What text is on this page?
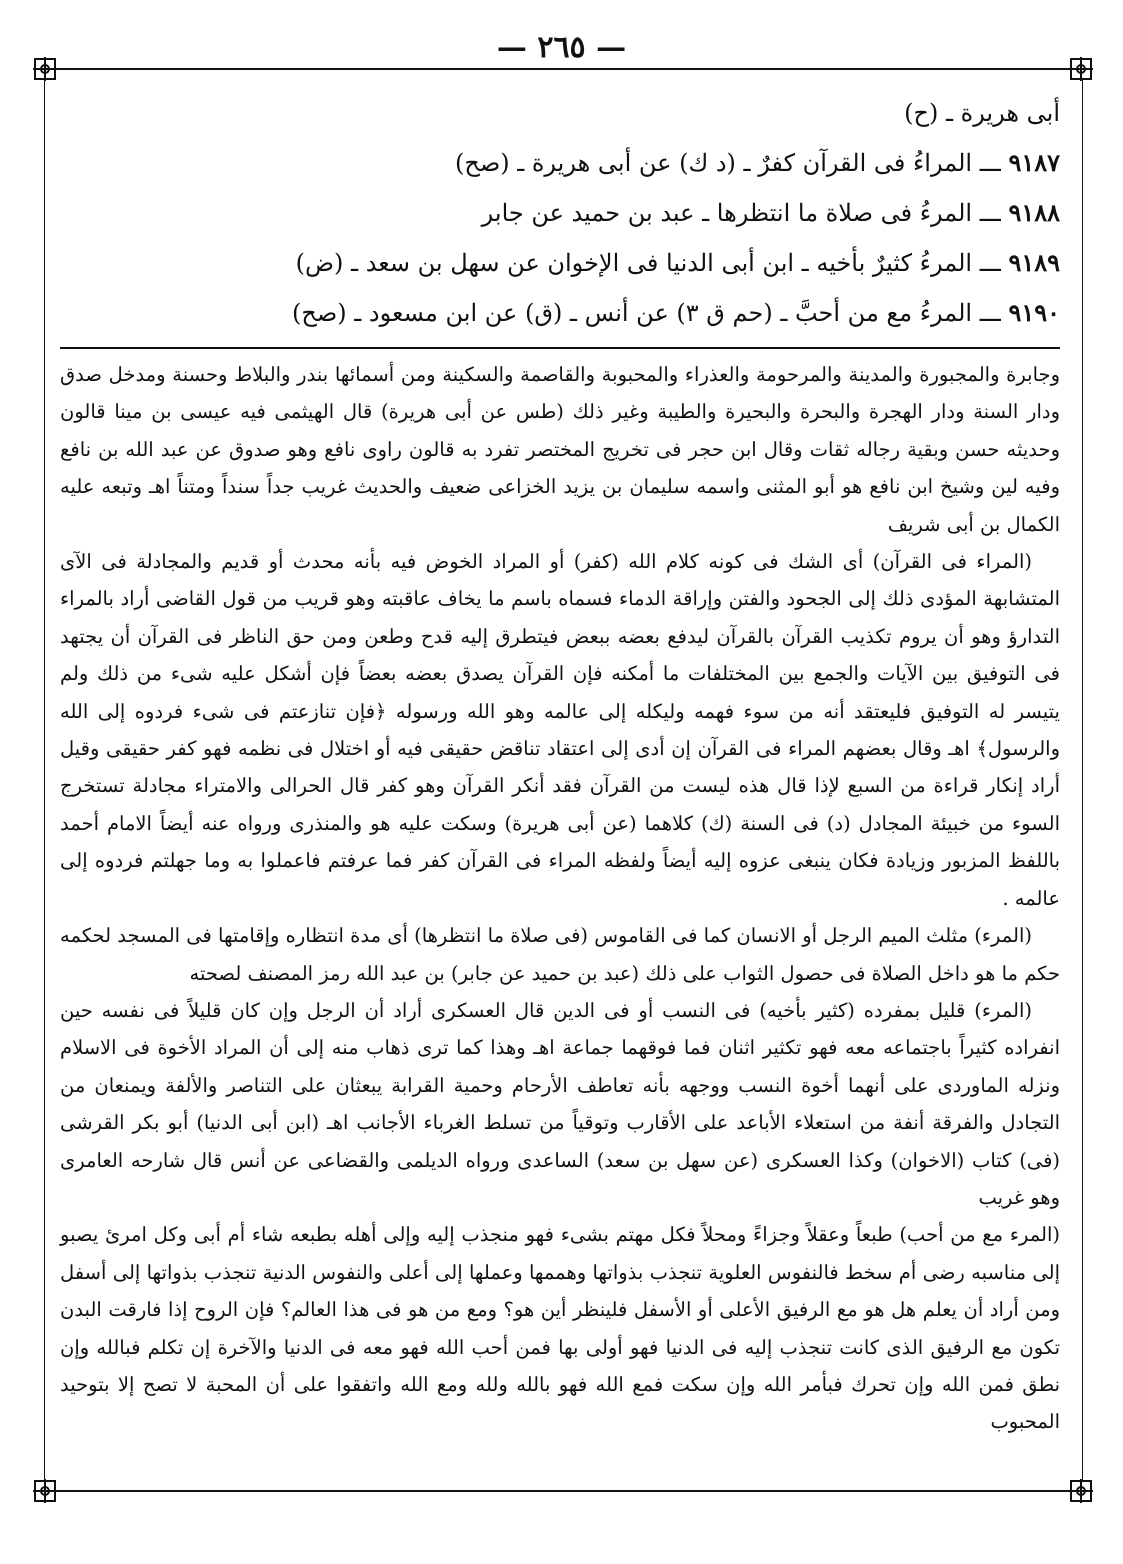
— ٢٦٥ —

أبى هريرة ـ (ح)

٩١٨٧ ـــ المراءُ فى القرآن كفرٌ ـ (د ك) عن أبى هريرة ـ (صح)

٩١٨٨ ـــ المرءُ فى صلاة ما انتظرها ـ عبد بن حميد عن جابر

٩١٨٩ ـــ المرءُ كثيرٌ بأخيه ـ ابن أبى الدنيا فى الإخوان عن سهل بن سعد ـ (ض)

٩١٩٠ ـــ المرءُ مع من أحبَّ ـ (حم ق ٣) عن أنس ـ (ق) عن ابن مسعود ـ (صح)

وجابرة والمجبورة والمدينة والمرحومة والعذراء والمحبوبة والقاصمة والسكينة ومن أسمائها بندر والبلاط وحسنة ومدخل صدق ودار السنة ودار الهجرة والبحرة والبحيرة والطيبة وغير ذلك (طس عن أبى هريرة) قال الهيثمى فيه عيسى بن مينا قالون وحديثه حسن وبقية رجاله ثقات وقال ابن حجر فى تخريج المختصر تفرد به قالون راوى نافع وهو صدوق عن عبد الله بن نافع وفيه لين وشيخ ابن نافع هو أبو المثنى واسمه سليمان بن يزيد الخزاعى ضعيف والحديث غريب جداً سنداً ومتناً اهـ وتبعه عليه الكمال بن أبى شريف

(المراء فى القرآن) أى الشك فى كونه كلام الله (كفر) أو المراد الخوض فيه بأنه محدث أو قديم والمجادلة فى الآى المتشابهة المؤدى ذلك إلى الجحود والفتن وإراقة الدماء فسماه باسم ما يخاف عاقبته وهو قريب من قول القاضى أراد بالمراء التدارؤ وهو أن يروم تكذيب القرآن بالقرآن ليدفع بعضه ببعض فيتطرق إليه قدح وطعن ومن حق الناظر فى القرآن أن يجتهد فى التوفيق بين الآيات والجمع بين المختلفات ما أمكنه فإن القرآن يصدق بعضه بعضاً فإن أشكل عليه شىء من ذلك ولم يتيسر له التوفيق فليعتقد أنه من سوء فهمه وليكله إلى عالمه وهو الله ورسوله ﴿فإن تنازعتم فى شىء فردوه إلى الله والرسول﴾ اهـ وقال بعضهم المراء فى القرآن إن أدى إلى اعتقاد تناقض حقيقى فيه أو اختلال فى نظمه فهو كفر حقيقى وقيل أراد إنكار قراءة من السبع لإذا قال هذه ليست من القرآن فقد أنكر القرآن وهو كفر قال الحرالى والامتراء مجادلة تستخرج السوء من خبيئة المجادل (د) فى السنة (ك) كلاهما (عن أبى هريرة) وسكت عليه هو والمنذرى ورواه عنه أيضاً الامام أحمد باللفظ المزبور وزيادة فكان ينبغى عزوه إليه أيضاً ولفظه المراء فى القرآن كفر فما عرفتم فاعملوا به وما جهلتم فردوه إلى عالمه .

(المرء) مثلث الميم الرجل أو الانسان كما فى القاموس (فى صلاة ما انتظرها) أى مدة انتظاره وإقامتها فى المسجد لحكمه حكم ما هو داخل الصلاة فى حصول الثواب على ذلك (عبد بن حميد عن جابر) بن عبد الله رمز المصنف لصحته

(المرء) قليل بمفرده (كثير بأخيه) فى النسب أو فى الدين قال العسكرى أراد أن الرجل وإن كان قليلاً فى نفسه حين انفراده كثيراً باجتماعه معه فهو تكثير اثنان فما فوقهما جماعة اهـ وهذا كما ترى ذهاب منه إلى أن المراد الأخوة فى الاسلام ونزله الماوردى على أنهما أخوة النسب ووجهه بأنه تعاطف الأرحام وحمية القرابة يبعثان على التناصر والألفة ويمنعان من التجادل والفرقة أنفة من استعلاء الأباعد على الأقارب وتوقياً من تسلط الغرباء الأجانب اهـ (ابن أبى الدنيا) أبو بكر القرشى (فى) كتاب (الاخوان) وكذا العسكرى (عن سهل بن سعد) الساعدى ورواه الديلمى والقضاعى عن أنس قال شارحه العامرى وهو غريب

(المرء مع من أحب) طبعاً وعقلاً وجزاءً ومحلاً فكل مهتم بشىء فهو منجذب إليه وإلى أهله بطبعه شاء أم أبى وكل امرئ يصبو إلى مناسبه رضى أم سخط فالنفوس العلوية تنجذب بذواتها وهممها وعملها إلى أعلى والنفوس الدنية تنجذب بذواتها إلى أسفل ومن أراد أن يعلم هل هو مع الرفيق الأعلى أو الأسفل فلينظر أين هو؟ ومع من هو فى هذا العالم؟ فإن الروح إذا فارقت البدن تكون مع الرفيق الذى كانت تنجذب إليه فى الدنيا فهو أولى بها فمن أحب الله فهو معه فى الدنيا والآخرة إن تكلم فبالله وإن نطق فمن الله وإن تحرك فبأمر الله وإن سكت فمع الله فهو بالله ولله ومع الله واتفقوا على أن المحبة لا تصح إلا بتوحيد المحبوب
